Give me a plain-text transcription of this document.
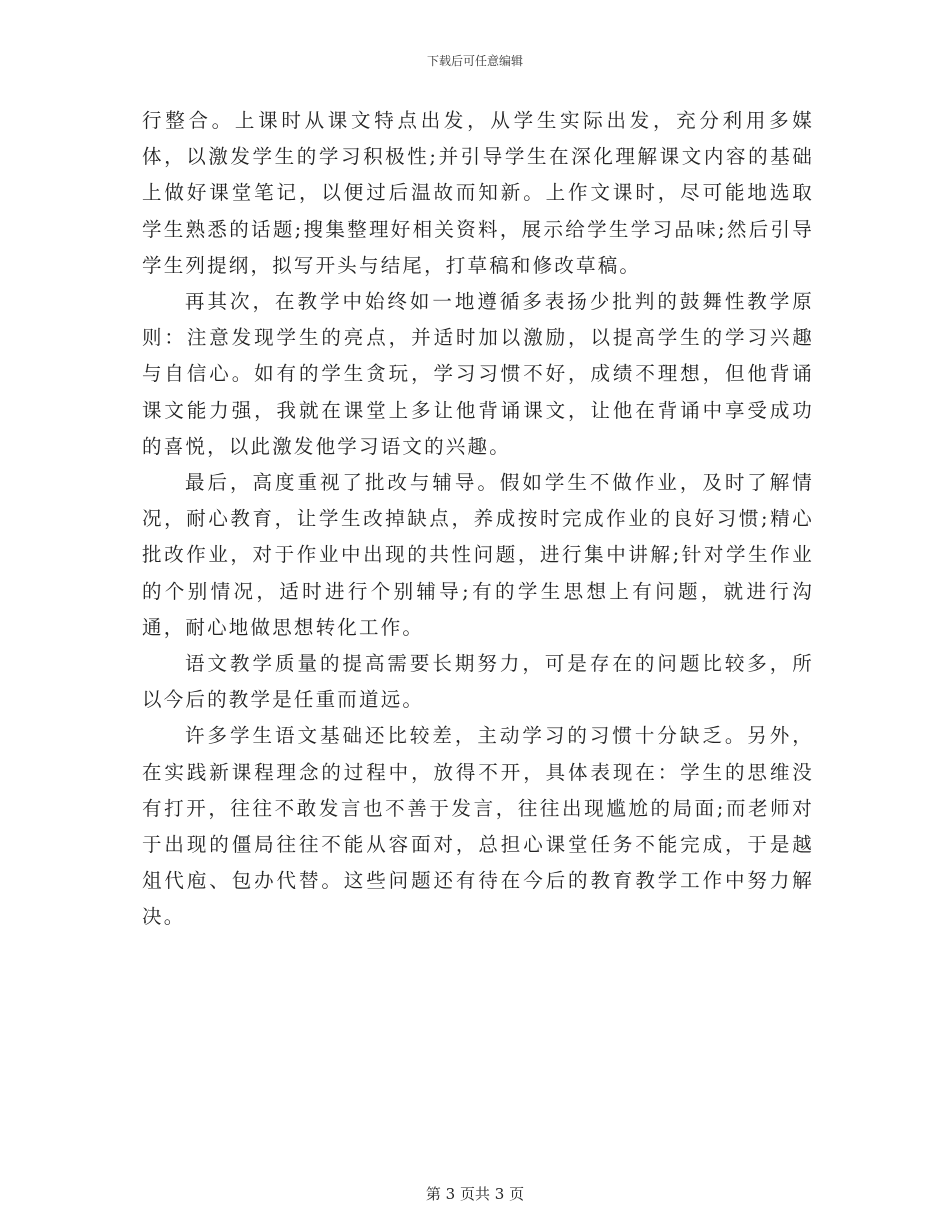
下载后可任意编辑

行整合。上课时从课文特点出发，从学生实际出发，充分利用多媒体，以激发学生的学习积极性;并引导学生在深化理解课文内容的基础上做好课堂笔记，以便过后温故而知新。上作文课时，尽可能地选取学生熟悉的话题;搜集整理好相关资料，展示给学生学习品味;然后引导学生列提纲，拟写开头与结尾，打草稿和修改草稿。

再其次，在教学中始终如一地遵循多表扬少批判的鼓舞性教学原则：注意发现学生的亮点，并适时加以激励，以提高学生的学习兴趣与自信心。如有的学生贪玩，学习习惯不好，成绩不理想，但他背诵课文能力强，我就在课堂上多让他背诵课文，让他在背诵中享受成功的喜悦，以此激发他学习语文的兴趣。

最后，高度重视了批改与辅导。假如学生不做作业，及时了解情况，耐心教育，让学生改掉缺点，养成按时完成作业的良好习惯;精心批改作业，对于作业中出现的共性问题，进行集中讲解;针对学生作业的个别情况，适时进行个别辅导;有的学生思想上有问题，就进行沟通，耐心地做思想转化工作。

语文教学质量的提高需要长期努力，可是存在的问题比较多，所以今后的教学是任重而道远。

许多学生语文基础还比较差，主动学习的习惯十分缺乏。另外，在实践新课程理念的过程中，放得不开，具体表现在：学生的思维没有打开，往往不敢发言也不善于发言，往往出现尴尬的局面;而老师对于出现的僵局往往不能从容面对，总担心课堂任务不能完成，于是越俎代庖、包办代替。这些问题还有待在今后的教育教学工作中努力解决。

第 3 页共 3 页
